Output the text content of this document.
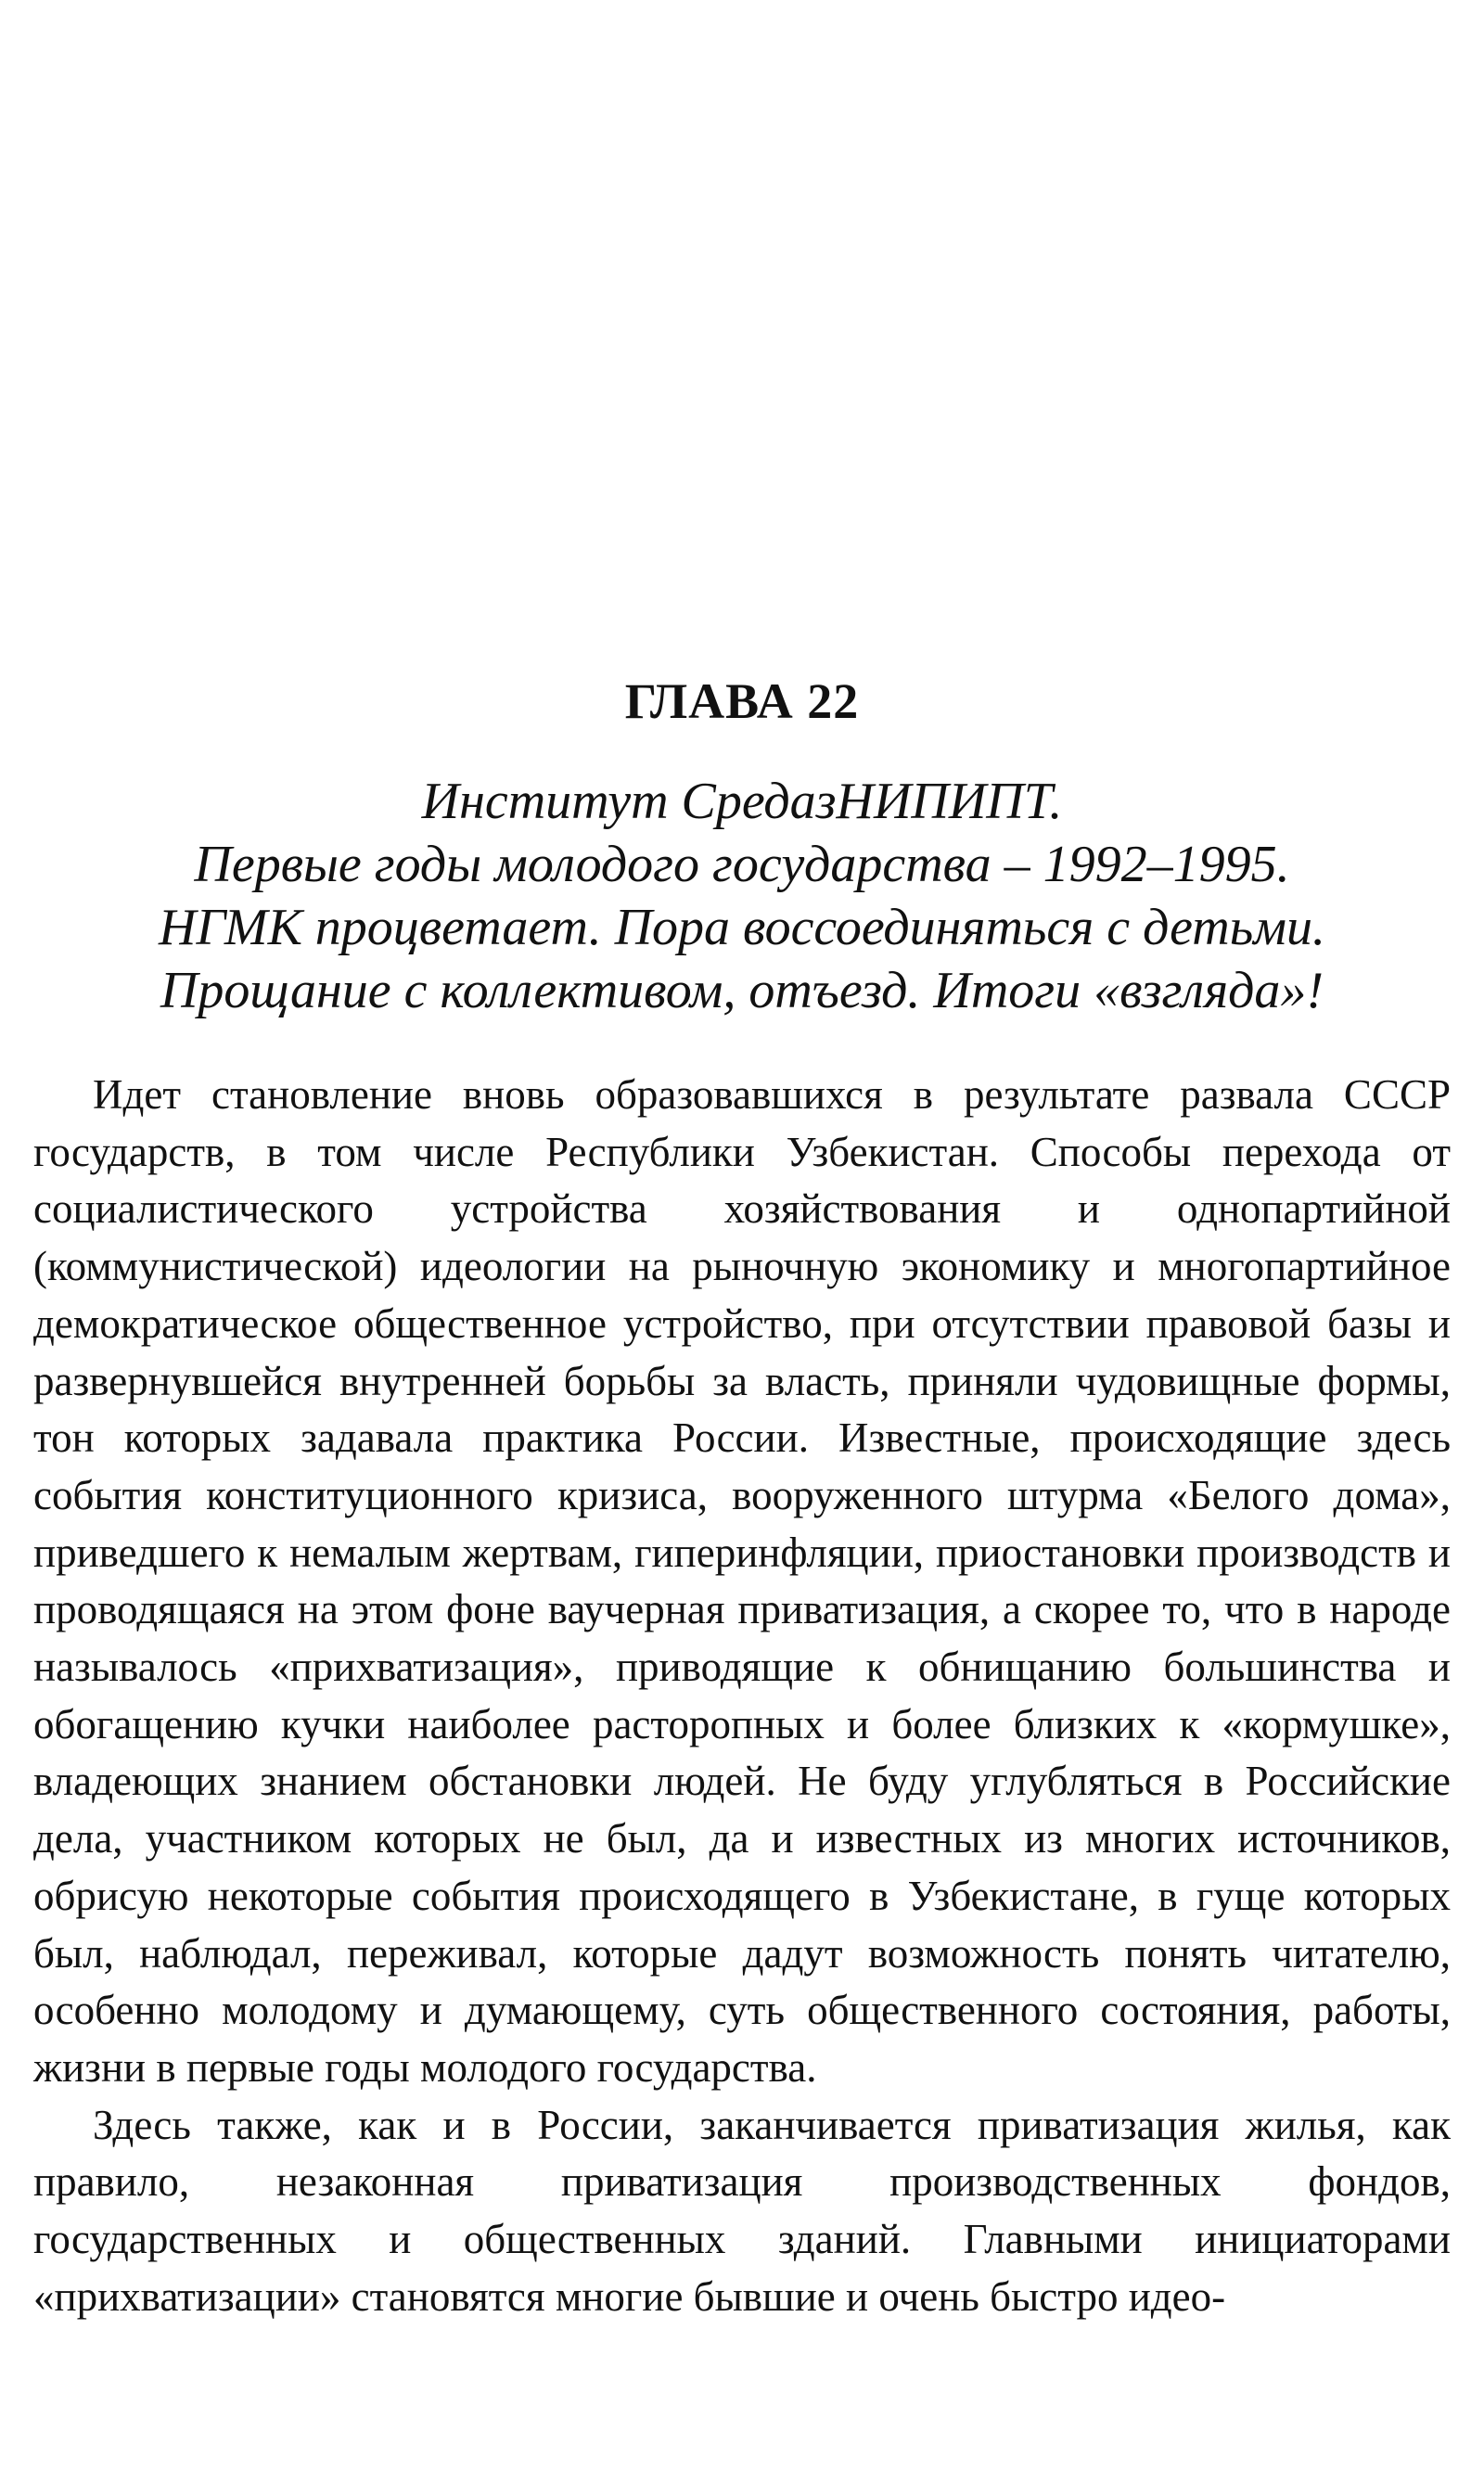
ГЛАВА 22
Институт СредазНИПИПТ.
Первые годы молодого государства – 1992–1995.
НГМК процветает. Пора воссоединяться с детьми.
Прощание с коллективом, отъезд. Итоги «взгляда»!

Идет становление вновь образовавшихся в результате развала СССР государств, в том числе Республики Узбекистан. Способы перехода от социалистического устройства хозяйствования и однопартийной (коммунистической) идеологии на рыночную экономику и многопартийное демократическое общественное устройство, при отсутствии правовой базы и развернувшейся внутренней борьбы за власть, приняли чудовищные формы, тон которых задавала практика России. Известные, происходящие здесь события конституционного кризиса, вооруженного штурма «Белого дома», приведшего к немалым жертвам, гиперинфляции, приостановки производств и проводящаяся на этом фоне ваучерная приватизация, а скорее то, что в народе называлось «прихватизация», приводящие к обнищанию большинства и обогащению кучки наиболее расторопных и более близких к «кормушке», владеющих знанием обстановки людей. Не буду углубляться в Российские дела, участником которых не был, да и известных из многих источников, обрисую некоторые события происходящего в Узбекистане, в гуще которых был, наблюдал, переживал, которые дадут возможность понять читателю, особенно молодому и думающему, суть общественного состояния, работы, жизни в первые годы молодого государства.

Здесь также, как и в России, заканчивается приватизация жилья, как правило, незаконная приватизация производственных фондов, государственных и общественных зданий. Главными инициаторами «прихватизации» становятся многие бывшие и очень быстро идео-
